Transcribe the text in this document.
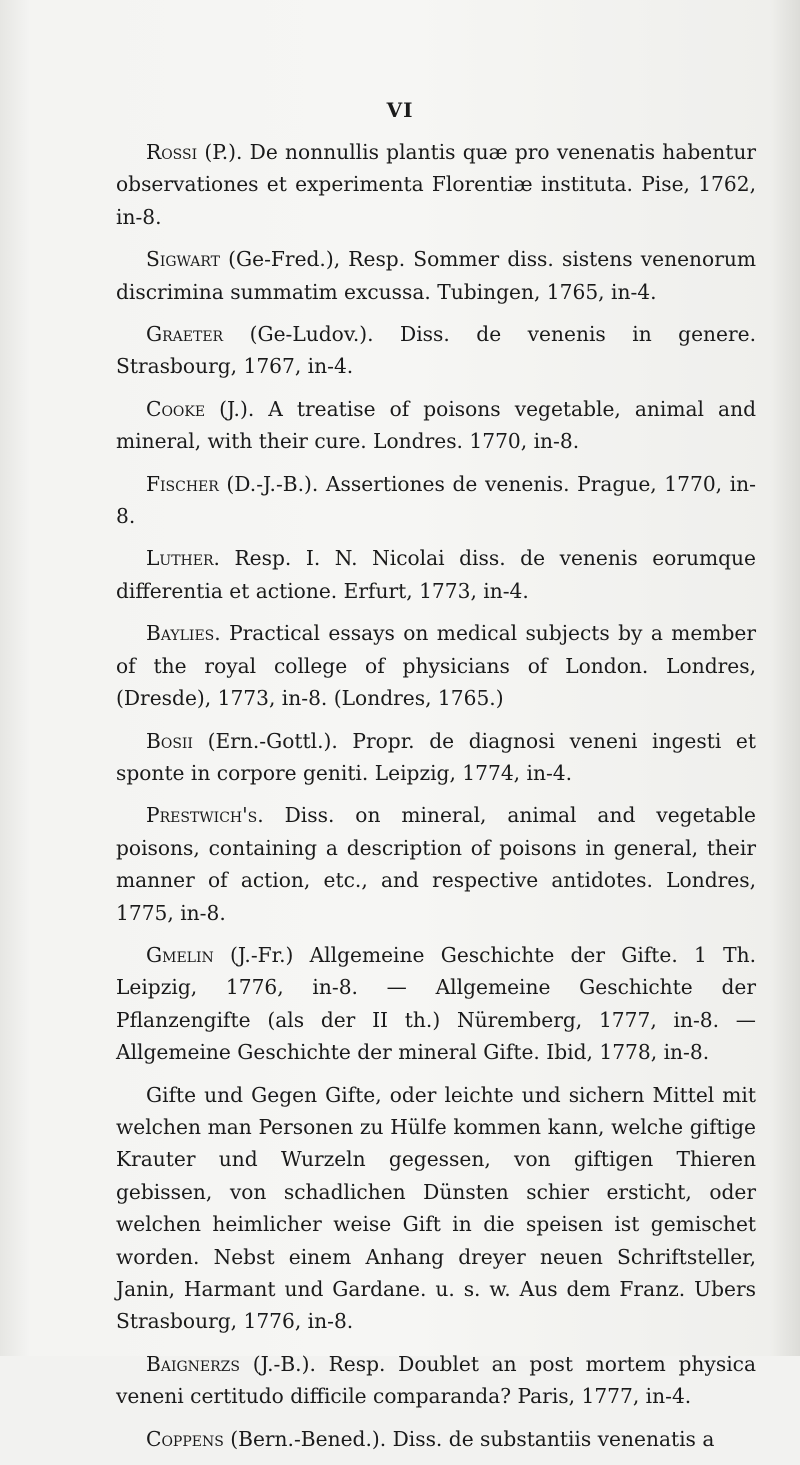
VI

Rossi (P.). De nonnullis plantis quæ pro venenatis habentur observationes et experimenta Florentiæ instituta. Pise, 1762, in-8.

Sigwart (Ge-Fred.), Resp. Sommer diss. sistens venenorum discrimina summatim excussa. Tubingen, 1765, in-4.

Graeter (Ge-Ludov.). Diss. de venenis in genere. Strasbourg, 1767, in-4.

Cooke (J.). A treatise of poisons vegetable, animal and mineral, with their cure. Londres. 1770, in-8.

Fischer (D.-J.-B.). Assertiones de venenis. Prague, 1770, in-8.

Luther. Resp. I. N. Nicolai diss. de venenis eorumque differentia et actione. Erfurt, 1773, in-4.

Baylies. Practical essays on medical subjects by a member of the royal college of physicians of London. Londres, (Dresde), 1773, in-8. (Londres, 1765.)

Bosii (Ern.-Gottl.). Propr. de diagnosi veneni ingesti et sponte in corpore geniti. Leipzig, 1774, in-4.

Prestwich's. Diss. on mineral, animal and vegetable poisons, containing a description of poisons in general, their manner of action, etc., and respective antidotes. Londres, 1775, in-8.

Gmelin (J.-Fr.) Allgemeine Geschichte der Gifte. 1 Th. Leipzig, 1776, in-8. — Allgemeine Geschichte der Pflanzengifte (als der II th.) Nüremberg, 1777, in-8. — Allgemeine Geschichte der mineral Gifte. Ibid, 1778, in-8.

Gifte und Gegen Gifte, oder leichte und sichern Mittel mit welchen man Personen zu Hülfe kommen kann, welche giftige Krauter und Wurzeln gegessen, von giftigen Thieren gebissen, von schadlichen Dünsten schier ersticht, oder welchen heimlicher weise Gift in die speisen ist gemischet worden. Nebst einem Anhang dreyer neuen Schriftsteller, Janin, Harmant und Gardane. u. s. w. Aus dem Franz. Ubers Strasbourg, 1776, in-8.

Baignerzs (J.-B.). Resp. Doublet an post mortem physica veneni certitudo difficile comparanda? Paris, 1777, in-4.

Coppens (Bern.-Bened.). Diss. de substantiis venenatis a
